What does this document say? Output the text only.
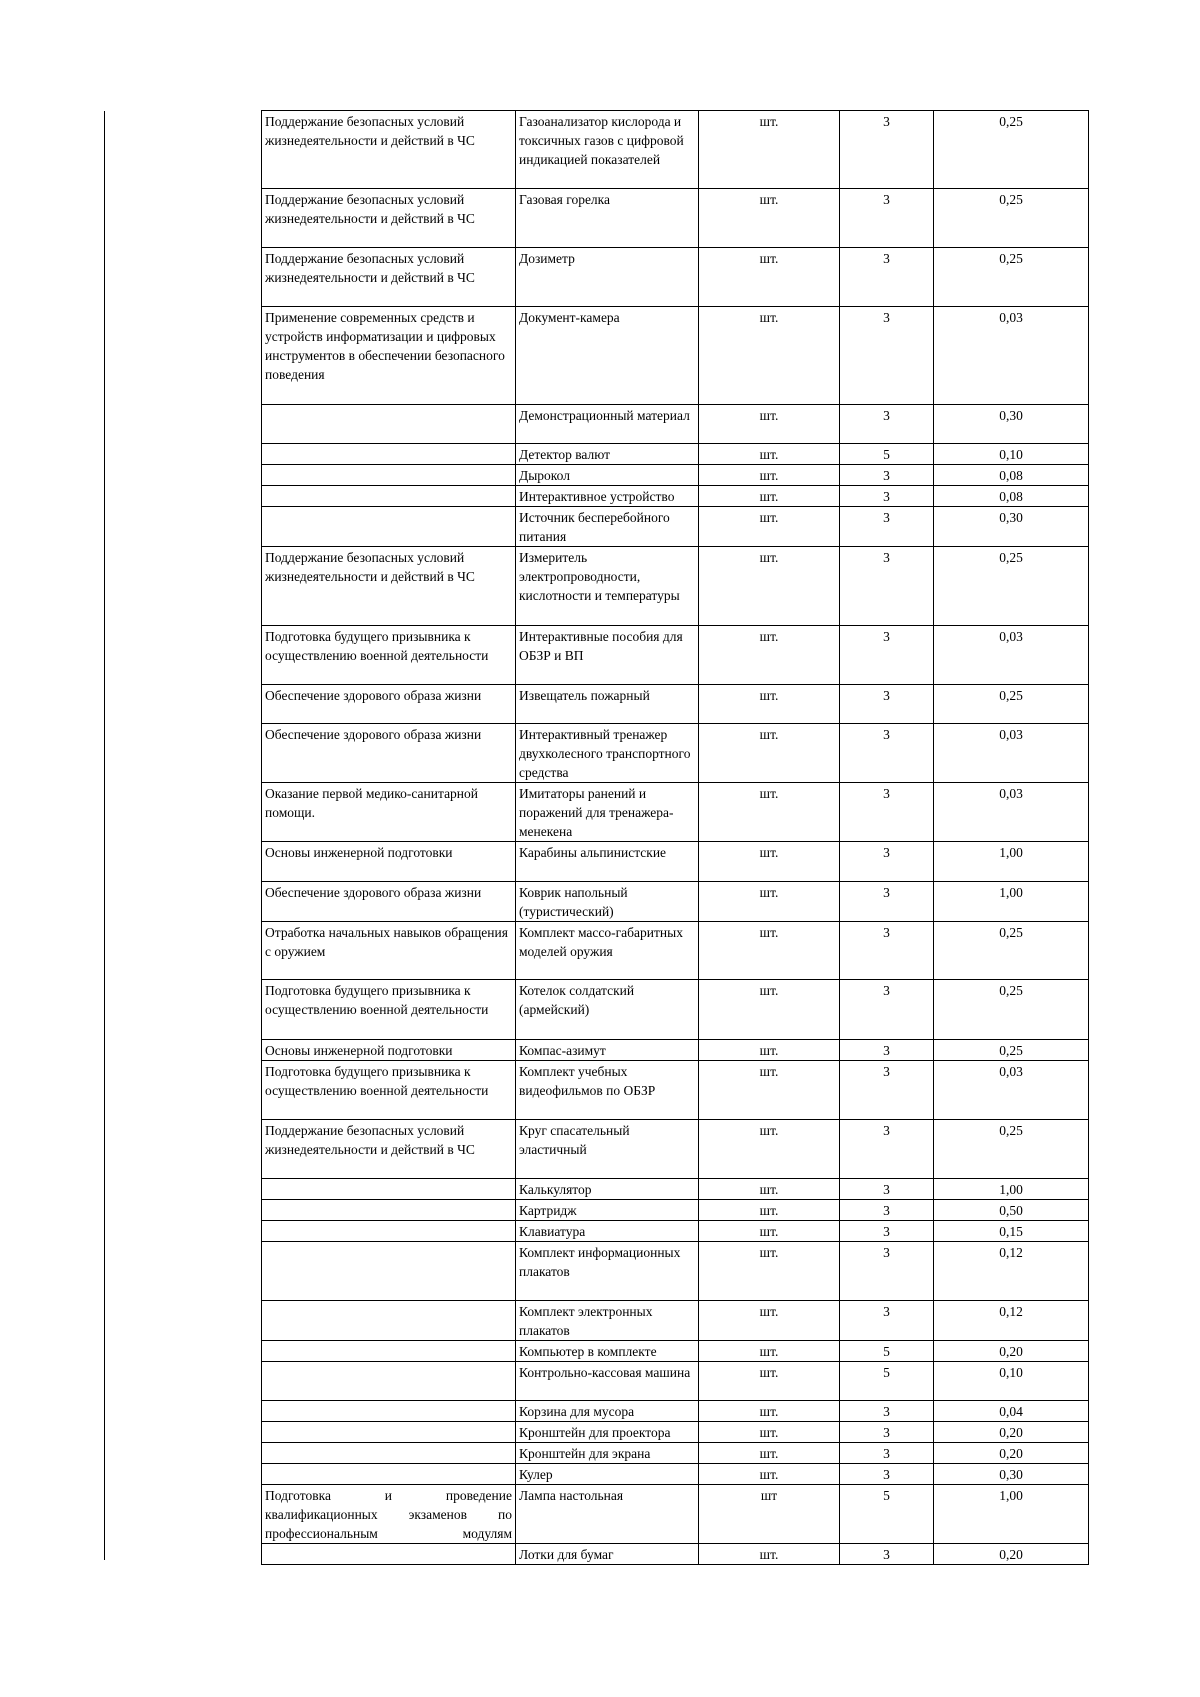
Поддержание безопасных условий жизнедеятельности и действий в ЧС	Газоанализатор кислорода и токсичных газов с цифровой индикацией показателей	шт.	3	0,25
Поддержание безопасных условий жизнедеятельности и действий в ЧС	Газовая горелка	шт.	3	0,25
Поддержание безопасных условий жизнедеятельности и действий в ЧС	Дозиметр	шт.	3	0,25
Применение современных средств и устройств информатизации и цифровых инструментов в обеспечении безопасного поведения	Документ-камера	шт.	3	0,03
	Демонстрационный материал	шт.	3	0,30
	Детектор валют	шт.	5	0,10
	Дырокол	шт.	3	0,08
	Интерактивное устройство	шт.	3	0,08
	Источник бесперебойного питания	шт.	3	0,30
Поддержание безопасных условий жизнедеятельности и действий в ЧС	Измеритель электропроводности, кислотности и температуры	шт.	3	0,25
Подготовка будущего призывника к осуществлению военной деятельности	Интерактивные пособия для ОБЗР и ВП	шт.	3	0,03
Обеспечение здорового образа жизни	Извещатель пожарный	шт.	3	0,25
Обеспечение здорового образа жизни	Интерактивный тренажер двухколесного транспортного средства	шт.	3	0,03
Оказание первой медико-санитарной помощи.	Имитаторы ранений и поражений для тренажера-менекена	шт.	3	0,03
Основы инженерной подготовки	Карабины альпинистские	шт.	3	1,00
Обеспечение здорового образа жизни	Коврик напольный (туристический)	шт.	3	1,00
Отработка начальных навыков обращения с оружием	Комплект массо-габаритных моделей оружия	шт.	3	0,25
Подготовка будущего призывника к осуществлению военной деятельности	Котелок солдатский (армейский)	шт.	3	0,25
Основы инженерной подготовки	Компас-азимут	шт.	3	0,25
Подготовка будущего призывника к осуществлению военной деятельности	Комплект учебных видеофильмов по ОБЗР	шт.	3	0,03
Поддержание безопасных условий жизнедеятельности и действий в ЧС	Круг спасательный эластичный	шт.	3	0,25
	Калькулятор	шт.	3	1,00
	Картридж	шт.	3	0,50
	Клавиатура	шт.	3	0,15
	Комплект информационных плакатов	шт.	3	0,12
	Комплект электронных плакатов	шт.	3	0,12
	Компьютер в комплекте	шт.	5	0,20
	Контрольно-кассовая машина	шт.	5	0,10
	Корзина для мусора	шт.	3	0,04
	Кронштейн для проектора	шт.	3	0,20
	Кронштейн для экрана	шт.	3	0,20
	Кулер	шт.	3	0,30
Подготовка и проведение квалификационных экзаменов по профессиональным модулям	Лампа настольная	шт	5	1,00
	Лотки для бумаг	шт.	3	0,20
